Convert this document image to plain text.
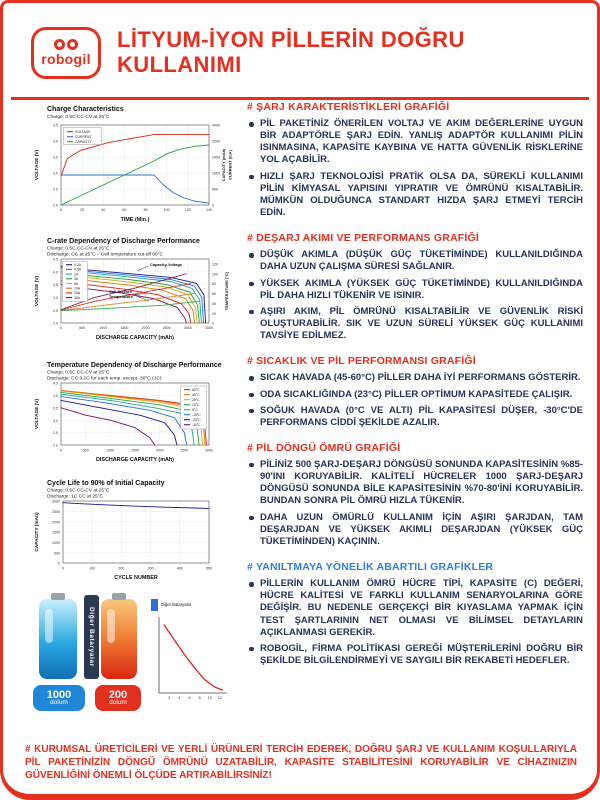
robogil
LİTYUM-İYON PİLLERİN DOĞRU
KULLANIMI
Charge Characteristics
Charge: 0.5C CC-CV at 25°C
0	20	40	60	80	100	120	140
2.0
2.5
3.0
3.5
4.0
4.5
0
800
1600
2400
3200
4000
VOLTAGE
CURRENT
CAPACITY
TIME (Min.)
VOLTAGE (V)	CAPACITY (mAh) CURRENT (mA)
C-rate Dependency of Discharge Performance
Charge: 0.5C CC-CV at 25°C
Discharge: CC at 25°C – Cell temperature cut-off 80°C
0	500	1000	1500	2000	2500	3000	3500
2.0
2.5
3.0
3.5
4.0
4.5
0
20
40
60
80
100
120
0.2A
0.5A
1A
3A
5A
10A
20A
30A
Capacity-Voltage
Cell Surface
Temperature
DISCHARGE CAPACITY (mAh)
VOLTAGE (V)	TEMPERATURE (°C)
Temperature Dependency of Discharge Performance
Charge: 0.5C CC-CV at 25°C
Discharge: CC 0.2C for each temp. except -30°C (1C)
0	500	1000	1500	2000	2500	3000
2.0
2.5
3.0
3.5
4.0
4.5
60°C
45°C
25°C
10°C
0°C
-10°C
-20°C
-30°C
DISCHARGE CAPACITY (mAh)
VOLTAGE (V)
Cycle Life to 90% of Initial Capacity
Charge: 0.5C CC-CV at 25°C
Discharge: 1C CC at 25°C
0	100	200	300	400	500
0
500
1000
1500
2000
2500
3000
CYCLE NUMBER
CAPACITY (mAh)
Diğer Bataryalar
1000
dolum
200
dolum
Diğer Bataryalar
2 4 6 8 10 12
# ŞARJ KARAKTERİSTİKLERİ GRAFİĞİ
PİL PAKETİNİZ ÖNERİLEN VOLTAJ VE AKIM DEĞERLERİNE UYGUN BİR ADAPTÖRLE ŞARJ EDİN. YANLIŞ ADAPTÖR KULLANIMI PİLİN ISINMASINA, KAPASİTE KAYBINA VE HATTA GÜVENLİK RİSKLERİNE YOL AÇABİLİR.
HIZLI ŞARJ TEKNOLOJİSİ PRATİK OLSA DA, SÜREKLİ KULLANIMI PİLİN KİMYASAL YAPISINI YIPRATIR VE ÖMRÜNÜ KISALTABİLİR. MÜMKÜN OLDUĞUNCA STANDART HIZDA ŞARJ ETMEYİ TERCİH EDİN.
# DEŞARJ AKIMI VE PERFORMANS GRAFİĞİ
DÜŞÜK AKIMLA (DÜŞÜK GÜÇ TÜKETİMİNDE) KULLANILDIĞINDA DAHA UZUN ÇALIŞMA SÜRESİ SAĞLANIR.
YÜKSEK AKIMLA (YÜKSEK GÜÇ TÜKETİMİNDE) KULLANILDIĞINDA PİL DAHA HIZLI TÜKENİR VE ISINIR.
AŞIRI AKIM, PİL ÖMRÜNÜ KISALTABİLİR VE GÜVENLİK RİSKİ OLUŞTURABİLİR. SIK VE UZUN SÜRELİ YÜKSEK GÜÇ KULLANIMI TAVSİYE EDİLMEZ.
# SICAKLIK VE PİL PERFORMANSI GRAFİĞİ
SICAK HAVADA (45-60°C) PİLLER DAHA İYİ PERFORMANS GÖSTERİR.
ODA SICAKLIĞINDA (23°C) PİLLER OPTİMUM KAPASİTEDE ÇALIŞIR.
SOĞUK HAVADA (0°C VE ALTI) PİL KAPASİTESİ DÜŞER, -30°C'DE PERFORMANS CİDDİ ŞEKİLDE AZALIR.
# PİL DÖNGÜ ÖMRÜ GRAFİĞİ
PİLİNİZ 500 ŞARJ-DEŞARJ DÖNGÜSÜ SONUNDA KAPASİTESİNİN %85-90'INI KORUYABİLİR. KALİTELİ HÜCRELER 1000 ŞARJ-DEŞARJ DÖNGÜSÜ SONUNDA BİLE KAPASİTESİNİN %70-80'İNİ KORUYABİLİR. BUNDAN SONRA PİL ÖMRÜ HIZLA TÜKENİR.
DAHA UZUN ÖMÜRLÜ KULLANIM İÇİN AŞIRI ŞARJDAN, TAM DEŞARJDAN VE YÜKSEK AKIMLI DEŞARJDAN (YÜKSEK GÜÇ TÜKETİMİNDEN) KAÇININ.
# YANILTMAYA YÖNELİK ABARTILI GRAFİKLER
PİLLERİN KULLANIM ÖMRÜ HÜCRE TİPİ, KAPASİTE (C) DEĞERİ, HÜCRE KALİTESİ VE FARKLI KULLANIM SENARYOLARINA GÖRE DEĞİŞİR. BU NEDENLE GERÇEKÇİ BİR KIYASLAMA YAPMAK İÇİN TEST ŞARTLARININ NET OLMASI VE BİLİMSEL DETAYLARIN AÇIKLANMASI GEREKİR.
ROBOGİL, FİRMA POLİTİKASI GEREĞİ MÜŞTERİLERİNİ DOĞRU BİR ŞEKİLDE BİLGİLENDİRMEYİ VE SAYGILI BİR REKABETİ HEDEFLER.

# KURUMSAL ÜRETİCİLERİ VE YERLİ ÜRÜNLERİ TERCİH EDEREK, DOĞRU ŞARJ VE KULLANIM KOŞULLARIYLA PİL PAKETİNİZİN DÖNGÜ ÖMRÜNÜ UZATABİLİR, KAPASİTE STABİLİTESİNİ KORUYABİLİR VE CİHAZINIZIN GÜVENLİĞİNİ ÖNEMLİ ÖLÇÜDE ARTIRABİLİRSİNİZ!
